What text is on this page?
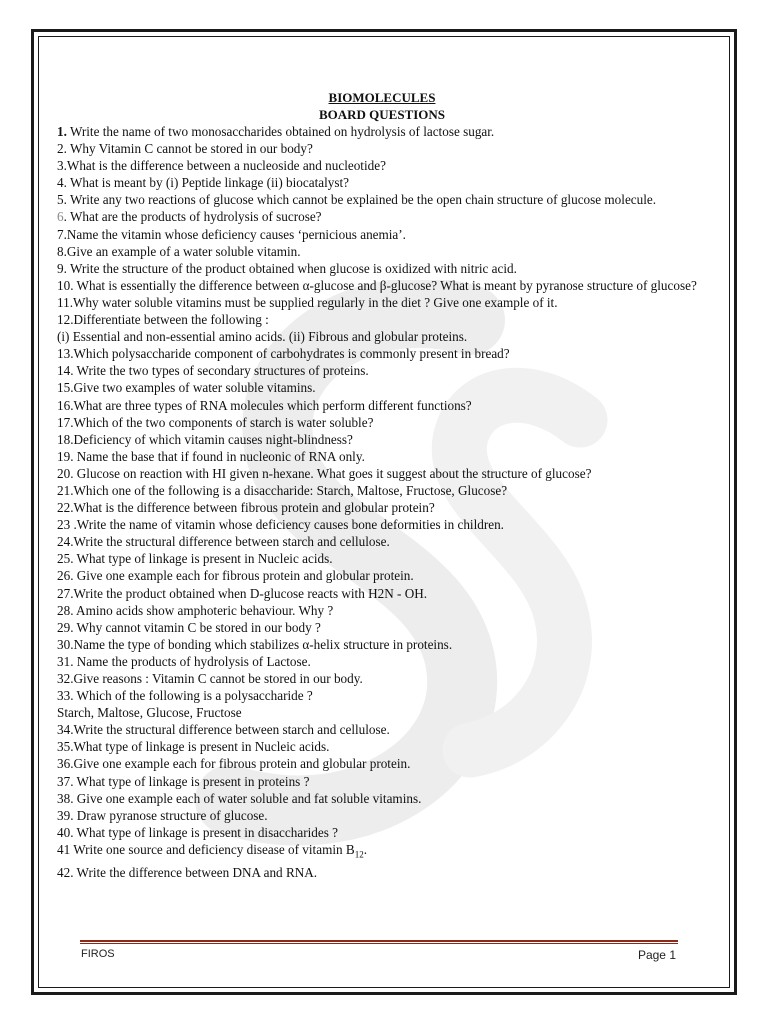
BIOMOLECULES

BOARD QUESTIONS

1. Write the name of two monosaccharides obtained on hydrolysis of lactose sugar.

2. Why Vitamin C cannot be stored in our body?

3.What is the difference between a nucleoside and nucleotide?

4. What is meant by (i) Peptide linkage (ii) biocatalyst?

5. Write any two reactions of glucose which cannot be explained be the open chain structure of glucose molecule.

6. What are the products of hydrolysis of sucrose?

7.Name the vitamin whose deficiency causes ‘pernicious anemia’.

8.Give an example of a water soluble vitamin.

9. Write the structure of the product obtained when glucose is oxidized with nitric acid.

10. What is essentially the difference between α-glucose and β-glucose? What is meant by pyranose structure of glucose?

11.Why water soluble vitamins must be supplied regularly in the diet ? Give one example of it.

12.Differentiate between the following :

(i) Essential and non-essential amino acids. (ii) Fibrous and globular proteins.

13.Which polysaccharide component of carbohydrates is commonly present in bread?

14. Write the two types of secondary structures of proteins.

15.Give two examples of water soluble vitamins.

16.What are three types of RNA molecules which perform different functions?

17.Which of the two components of starch is water soluble?

18.Deficiency of which vitamin causes night-blindness?

19. Name the base that if found in nucleonic of RNA only.

20. Glucose on reaction with HI given n-hexane. What goes it suggest about the structure of glucose?

21.Which one of the following is a disaccharide: Starch, Maltose, Fructose, Glucose?

22.What is the difference between fibrous protein and globular protein?

23 .Write the name of vitamin whose deficiency causes bone deformities in children.

24.Write the structural difference between starch and cellulose.

25. What type of linkage is present in Nucleic acids.

26. Give one example each for fibrous protein and globular protein.

27.Write the product obtained when D-glucose reacts with H2N - OH.

28. Amino acids show amphoteric behaviour. Why ?

29. Why cannot vitamin C be stored in our body ?

30.Name the type of bonding which stabilizes α-helix structure in proteins.

31. Name the products of hydrolysis of Lactose.

32.Give reasons : Vitamin C cannot be stored in our body.

33. Which of the following is a polysaccharide ?

Starch, Maltose, Glucose, Fructose

34.Write the structural difference between starch and cellulose.

35.What type of linkage is present in Nucleic acids.

36.Give one example each for fibrous protein and globular protein.

37. What type of linkage is present in proteins ?

38. Give one example each of water soluble and fat soluble vitamins.

39. Draw pyranose structure of glucose.

40. What type of linkage is present in disaccharides ?

41 Write one source and deficiency disease of vitamin $B_{12}$.

42. Write the difference between DNA and RNA.

FIROS	Page 1
